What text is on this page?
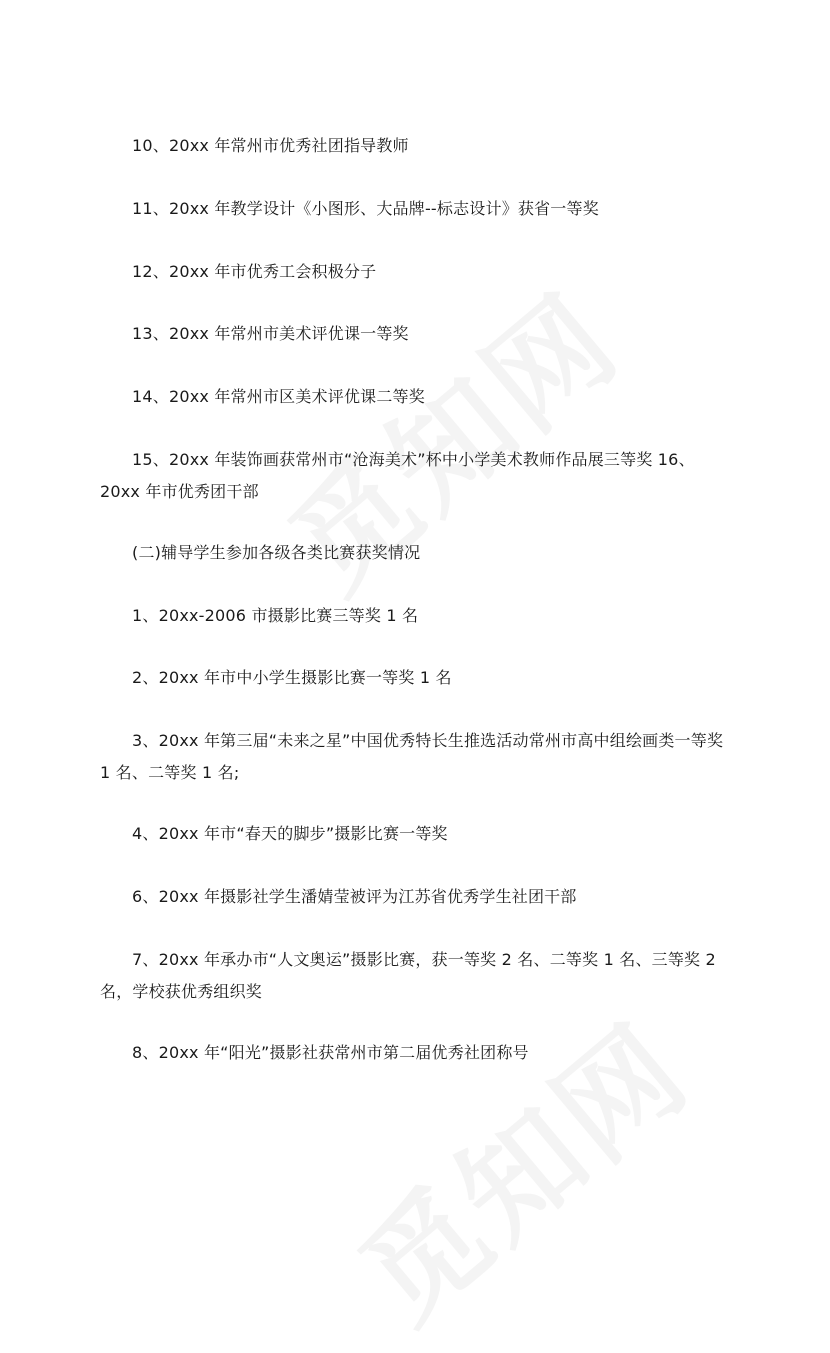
10、20xx 年常州市优秀社团指导教师

11、20xx 年教学设计《小图形、大品牌--标志设计》获省一等奖

12、20xx 年市优秀工会积极分子

13、20xx 年常州市美术评优课一等奖

14、20xx 年常州市区美术评优课二等奖

15、20xx 年装饰画获常州市“沧海美术”杯中小学美术教师作品展三等奖 16、20xx 年市优秀团干部

(二)辅导学生参加各级各类比赛获奖情况

1、20xx-2006 市摄影比赛三等奖 1 名

2、20xx 年市中小学生摄影比赛一等奖 1 名

3、20xx 年第三届“未来之星”中国优秀特长生推选活动常州市高中组绘画类一等奖 1 名、二等奖 1 名;

4、20xx 年市“春天的脚步”摄影比赛一等奖

6、20xx 年摄影社学生潘婧莹被评为江苏省优秀学生社团干部

7、20xx 年承办市“人文奥运”摄影比赛，获一等奖 2 名、二等奖 1 名、三等奖 2 名，学校获优秀组织奖

8、20xx 年“阳光”摄影社获常州市第二届优秀社团称号
